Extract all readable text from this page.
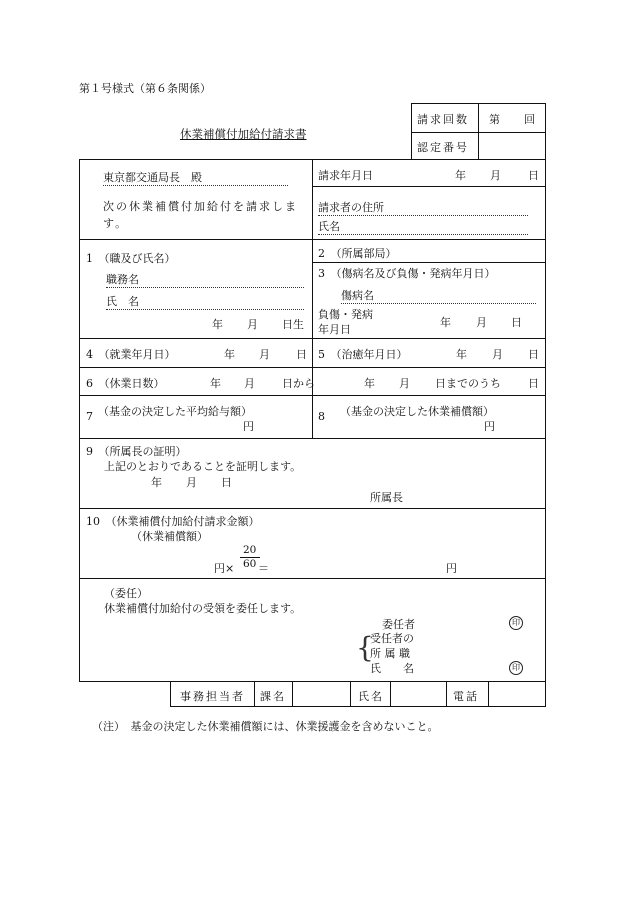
第１号様式（第６条関係）
請求回数 第 回
認定番号
休業補償付加給付請求書
東京都交通局長　殿
次の休業補償付加給付を請求します。
請求年月日	年 月 日
請求者の住所
氏名
1　（職及び氏名）
職務名
氏　名
年 月 日生
2　（所属部局）
3　（傷病名及び負傷・発病年月日）
傷病名
負傷・発病
年月日
年 月 日
4　（就業年月日）	年 月 日 5　（治癒年月日）	年 月 日
6　（休業日数）	年 月 日から	年 月 日までのうち 日
7 （基金の決定した平均給与額）
円
8 （基金の決定した休業補償額）
円
9　（所属長の証明）
上記のとおりであることを証明します。
年 月 日
所属長
10　（休業補償付加給付請求金額）
（休業補償額）
20
60
円× ＝	円
（委任）
休業補償付加給付の受領を委任します。
委任者	印
{
受任者の
所 属 職
氏　　名	印
事務担当者 課名	氏名	電話
（注）　基金の決定した休業補償額には、休業援護金を含めないこと。
